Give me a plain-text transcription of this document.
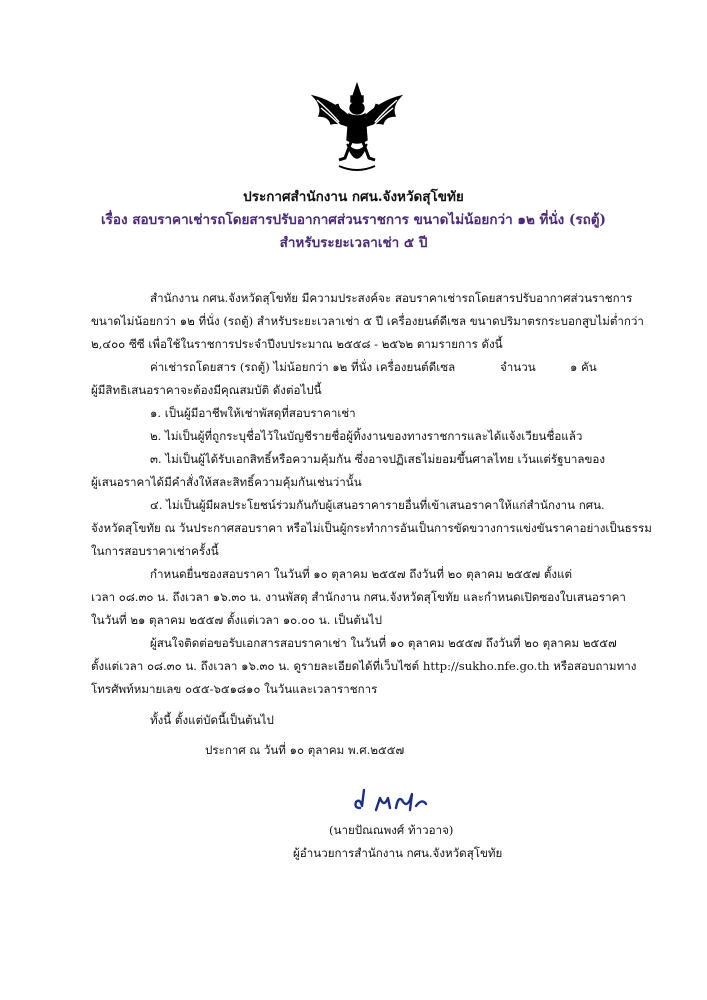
ประกาศสำนักงาน กศน.จังหวัดสุโขทัย
เรื่อง สอบราคาเช่ารถโดยสารปรับอากาศส่วนราชการ ขนาดไม่น้อยกว่า ๑๒ ที่นั่ง (รถตู้)
สำหรับระยะเวลาเช่า ๕ ปี
สำนักงาน กศน.จังหวัดสุโขทัย มีความประสงค์จะ สอบราคาเช่ารถโดยสารปรับอากาศส่วนราชการ
ขนาดไม่น้อยกว่า ๑๒ ที่นั่ง (รถตู้) สำหรับระยะเวลาเช่า ๕ ปี เครื่องยนต์ดีเซล ขนาดปริมาตรกระบอกสูบไม่ต่ำกว่า
๒,๔๐๐ ซีซี เพื่อใช้ในราชการประจำปีงบประมาณ ๒๕๕๘ - ๒๕๖๒ ตามรายการ ดังนี้
ค่าเช่ารถโดยสาร (รถตู้) ไม่น้อยกว่า ๑๒ ที่นั่ง เครื่องยนต์ดีเซล	จำนวน	๑ คัน
ผู้มีสิทธิเสนอราคาจะต้องมีคุณสมบัติ ดังต่อไปนี้
๑. เป็นผู้มีอาชีพให้เช่าพัสดุที่สอบราคาเช่า
๒. ไม่เป็นผู้ที่ถูกระบุชื่อไว้ในบัญชีรายชื่อผู้ทิ้งงานของทางราชการและได้แจ้งเวียนชื่อแล้ว
๓. ไม่เป็นผู้ได้รับเอกสิทธิ์หรือความคุ้มกัน ซึ่งอาจปฏิเสธไม่ยอมขึ้นศาลไทย เว้นแต่รัฐบาลของ
ผู้เสนอราคาได้มีคำสั่งให้สละสิทธิ์ความคุ้มกันเช่นว่านั้น
๔. ไม่เป็นผู้มีผลประโยชน์ร่วมกันกับผู้เสนอราคารายอื่นที่เข้าเสนอราคาให้แก่สำนักงาน กศน.
จังหวัดสุโขทัย ณ วันประกาศสอบราคา หรือไม่เป็นผู้กระทำการอันเป็นการขัดขวางการแข่งขันราคาอย่างเป็นธรรม
ในการสอบราคาเช่าครั้งนี้
กำหนดยื่นซองสอบราคา ในวันที่ ๑๐ ตุลาคม ๒๕๕๗ ถึงวันที่ ๒๐ ตุลาคม ๒๕๕๗ ตั้งแต่
เวลา ๐๘.๓๐ น. ถึงเวลา ๑๖.๓๐ น. งานพัสดุ สำนักงาน กศน.จังหวัดสุโขทัย และกำหนดเปิดซองใบเสนอราคา
ในวันที่ ๒๑ ตุลาคม ๒๕๕๗ ตั้งแต่เวลา ๑๐.๐๐ น. เป็นต้นไป
ผู้สนใจติดต่อขอรับเอกสารสอบราคาเช่า ในวันที่ ๑๐ ตุลาคม ๒๕๕๗ ถึงวันที่ ๒๐ ตุลาคม ๒๕๕๗
ตั้งแต่เวลา ๐๘.๓๐ น. ถึงเวลา ๑๖.๓๐ น. ดูรายละเอียดได้ที่เว็บไซต์ http://sukho.nfe.go.th หรือสอบถามทาง
โทรศัพท์หมายเลข ๐๕๕-๖๕๑๘๑๐ ในวันและเวลาราชการ
ทั้งนี้ ตั้งแต่บัดนี้เป็นต้นไป
ประกาศ ณ วันที่ ๑๐ ตุลาคม พ.ศ.๒๕๕๗
(นายปัณณพงศ์ ท้าวอาจ)
ผู้อำนวยการสำนักงาน กศน.จังหวัดสุโขทัย
